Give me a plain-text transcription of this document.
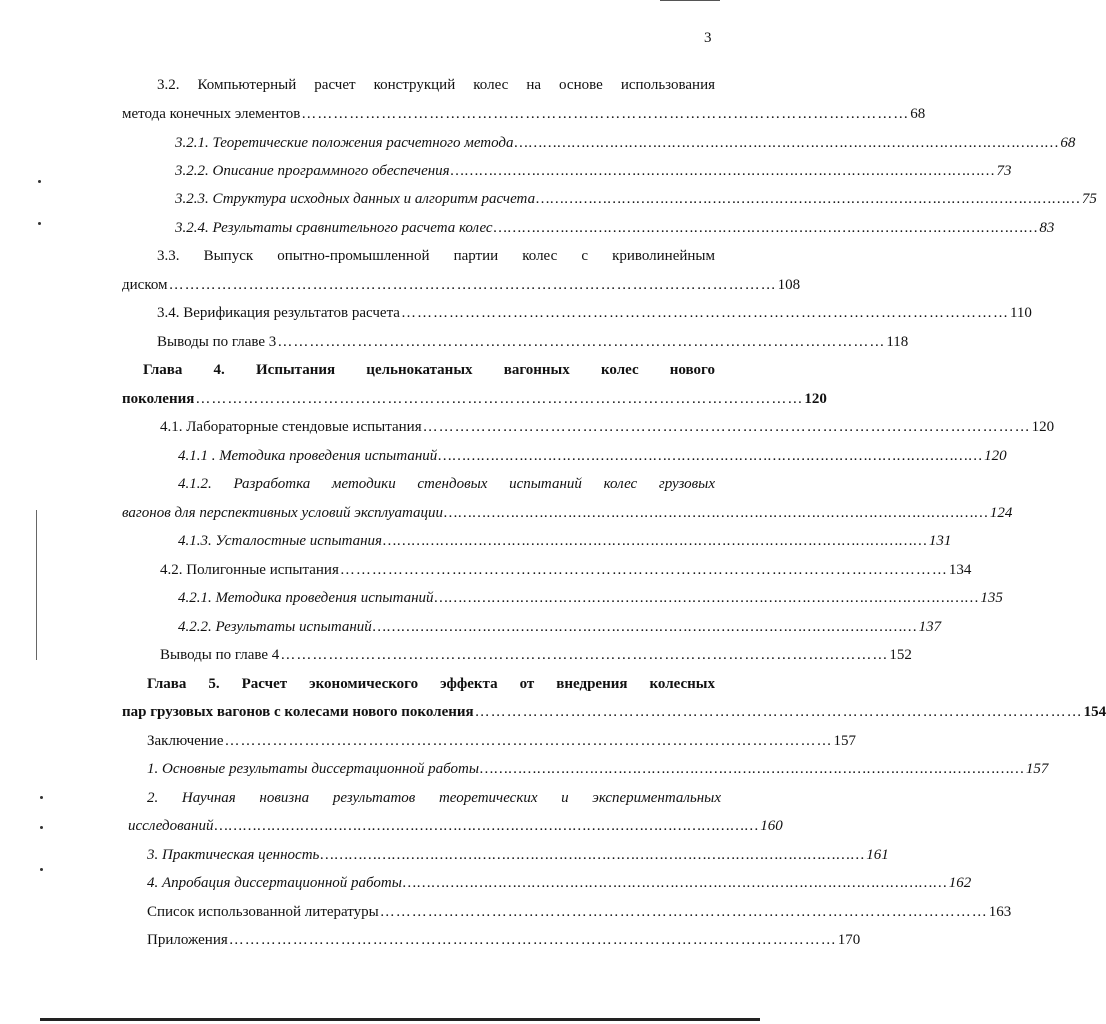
3
3.2. Компьютерный расчет конструкций колес на основе использования
метода конечных элементов …………………………………………………………………………………………………… 68
3.2.1. Теоретические положения расчетного метода …………………………………………………………………………………………………… 68
3.2.2. Описание программного обеспечения …………………………………………………………………………………………………… 73
3.2.3. Структура исходных данных и алгоритм расчета …………………………………………………………………………………………………… 75
3.2.4. Результаты сравнительного расчета колес …………………………………………………………………………………………………… 83
3.3. Выпуск опытно-промышленной партии колес с криволинейным
диском …………………………………………………………………………………………………… 108
3.4. Верификация результатов расчета …………………………………………………………………………………………………… 110
Выводы по главе 3 …………………………………………………………………………………………………… 118
Глава 4. Испытания цельнокатаных вагонных колес нового
поколения …………………………………………………………………………………………………… 120
4.1. Лабораторные стендовые испытания …………………………………………………………………………………………………… 120
4.1.1 . Методика проведения испытаний …………………………………………………………………………………………………… 120
4.1.2. Разработка методики стендовых испытаний колес грузовых
вагонов для перспективных условий эксплуатации …………………………………………………………………………………………………… 124
4.1.3. Усталостные испытания …………………………………………………………………………………………………… 131
4.2. Полигонные испытания …………………………………………………………………………………………………… 134
4.2.1. Методика проведения испытаний …………………………………………………………………………………………………… 135
4.2.2. Результаты испытаний …………………………………………………………………………………………………… 137
Выводы по главе 4 …………………………………………………………………………………………………… 152
Глава 5. Расчет экономического эффекта от внедрения колесных
пар грузовых вагонов с колесами нового поколения …………………………………………………………………………………………………… 154
Заключение …………………………………………………………………………………………………… 157
1. Основные результаты диссертационной работы …………………………………………………………………………………………………… 157
2. Научная новизна результатов теоретических и экспериментальных
исследований …………………………………………………………………………………………………… 160
3. Практическая ценность …………………………………………………………………………………………………… 161
4. Апробация диссертационной работы …………………………………………………………………………………………………… 162
Список использованной литературы …………………………………………………………………………………………………… 163
Приложения …………………………………………………………………………………………………… 170
